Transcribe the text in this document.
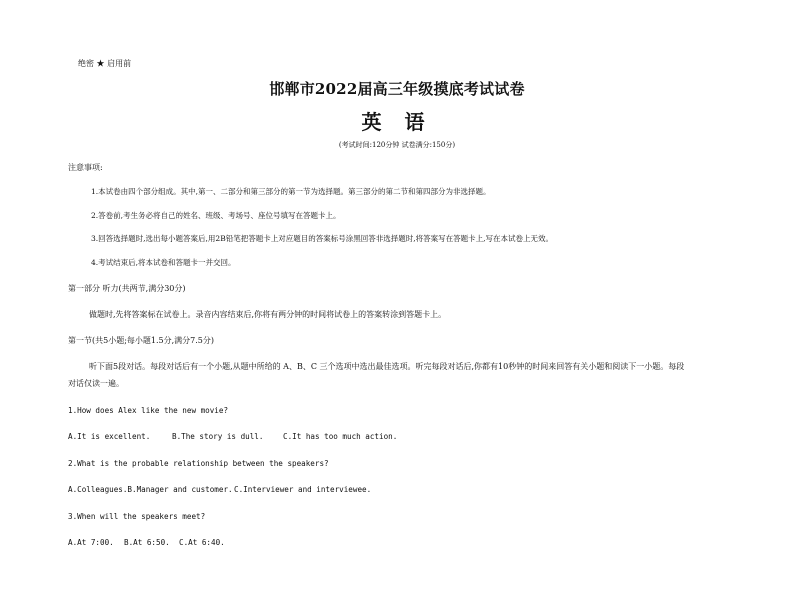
绝密 ★ 启用前
邯郸市2022届高三年级摸底考试试卷
英 语
(考试时间:120分钟 试卷满分:150分)
注意事项:
1.本试卷由四个部分组成。其中,第一、二部分和第三部分的第一节为选择题。第三部分的第二节和第四部分为非选择题。
2.答卷前,考生务必将自己的姓名、班级、考场号、座位号填写在答题卡上。
3.回答选择题时,选出每小题答案后,用2B铅笔把答题卡上对应题目的答案标号涂黑回答非选择题时,将答案写在答题卡上,写在本试卷上无效。
4.考试结束后,将本试卷和答题卡一并交回。
第一部分 听力(共两节,满分30分)
做题时,先将答案标在试卷上。录音内容结束后,你将有两分钟的时间将试卷上的答案转涂到答题卡上。
第一节(共5小题;每小题1.5分,满分7.5分)
听下面5段对话。每段对话后有一个小题,从题中所给的 A、B、C 三个选项中选出最佳选项。听完每段对话后,你都有10秒钟的时间来回答有关小题和阅读下一小题。每段
对话仅读一遍。
1.How does Alex like the new movie?
A.It is excellent.	B.The story is dull.	C.It has too much action.
2.What is the probable relationship between the speakers?
A.Colleagues.B.Manager and customer.C.Interviewer and interviewee.
3.When will the speakers meet?
A.At 7:00. B.At 6:50. C.At 6:40.
